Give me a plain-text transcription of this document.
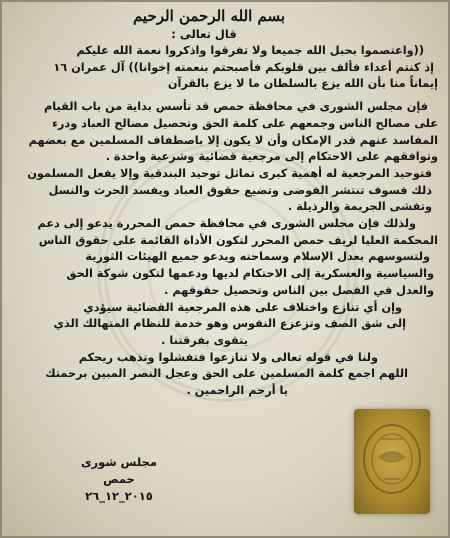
بسم الله الرحمن الرحيم

قال تعالى :

((واعتصموا بحبل الله جميعا ولا تفرقوا واذكروا نعمة الله عليكم

إذ كنتم أعداء فألف بين قلوبكم فأصبحتم بنعمته إخوانا)) آل عمران ١٦

إيماناً منا بأن الله يزع بالسلطان ما لا يزع بالقرآن

فإن مجلس الشورى في محافظة حمص قد تأسس بداية من باب القيام

على مصالح الناس وجمعهم على كلمة الحق وتحصيل مصالح العباد ودرء

المفاسد عنهم قدر الإمكان وأن لا يكون إلا باصطفاف المسلمين مع بعضهم

وتوافقهم على الاحتكام إلى مرجعية قضائية وشرعية واحدة .

فتوحيد المرجعية له أهمية كبرى تماثل توحيد البندقية وإلا يفعل المسلمون

ذلك فسوف تنتشر الفوضى وتضيع حقوق العباد ويفسد الحرث والنسل

وتفشى الجريمة والرذيلة .

ولذلك فإن مجلس الشورى في محافظة حمص المحررة يدعو إلى دعم

المحكمة العليا لريف حمص المحرر لتكون الأداة القائمة على حقوق الناس

ولتسوسهم بعدل الإسلام وسماحته ويدعو جميع الهيئات الثورية

والسياسية والعسكرية إلى الاحتكام لديها ودعمها لتكون شوكة الحق

والعدل في الفصل بين الناس وتحصيل حقوقهم .

وإن أي تنازع واختلاف على هذه المرجعية القضائية سيؤدي

إلى شق الصف وتزعزع النفوس وهو خدمة للنظام المتهالك الذي

يتقوى بفرقتنا .

ولنا في قوله تعالى ولا تنازعوا فتفشلوا وتذهب ريحكم

اللهم اجمع كلمة المسلمين على الحق وعجل النصر المبين برحمتك

يا أرحم الراحمين .

مجلس شورى حمص
٢٠١٥_١٢_٢٦
